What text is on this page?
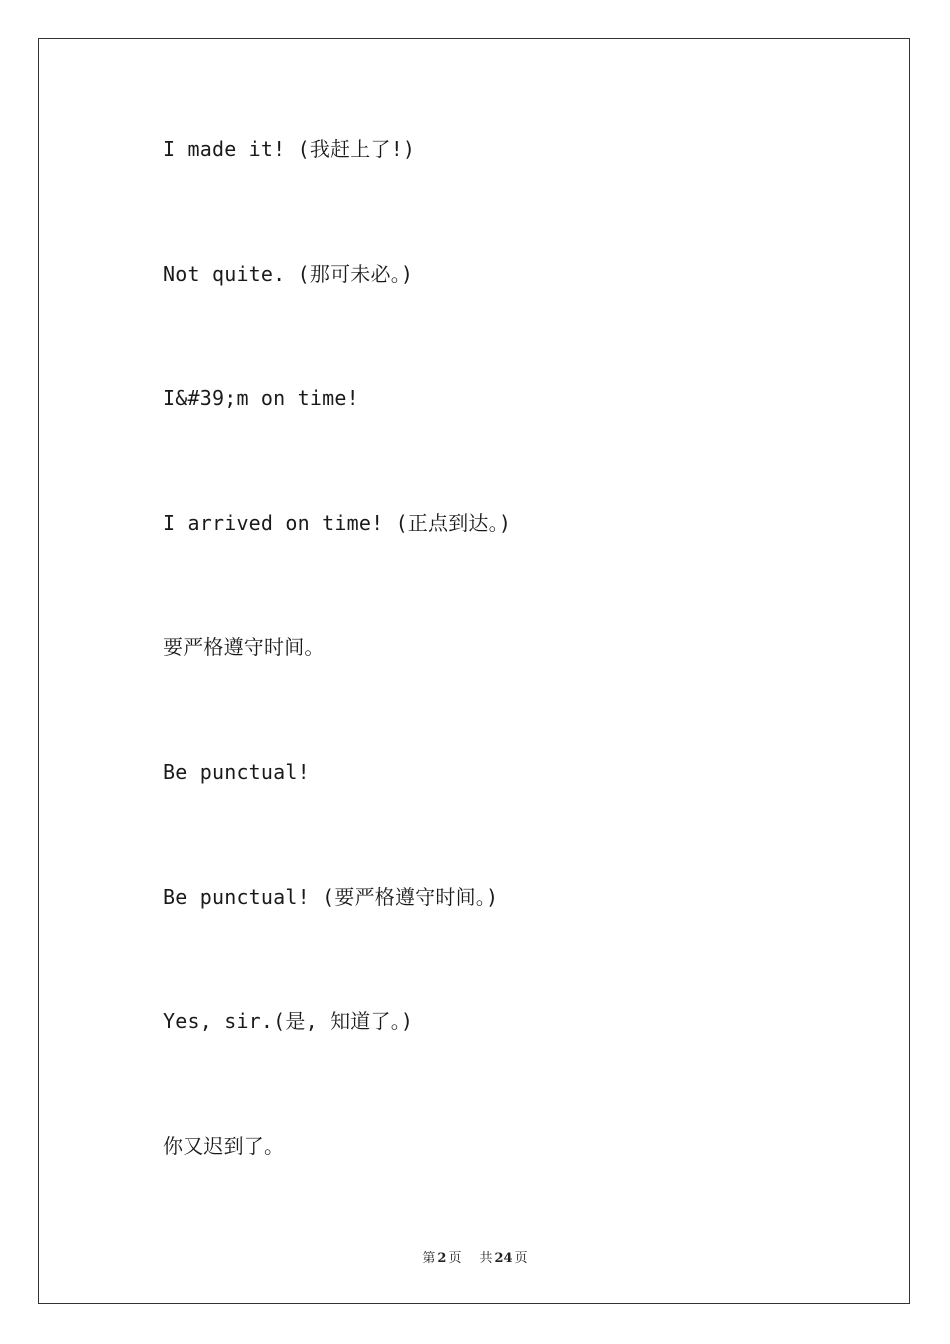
I made it! (我赶上了!)
Not quite. (那可未必。)
I&#39;m on time!
I arrived on time! (正点到达。)
要严格遵守时间。
Be punctual!
Be punctual! (要严格遵守时间。)
Yes, sir.(是, 知道了。)
你又迟到了。
第 2 页 共 24 页
